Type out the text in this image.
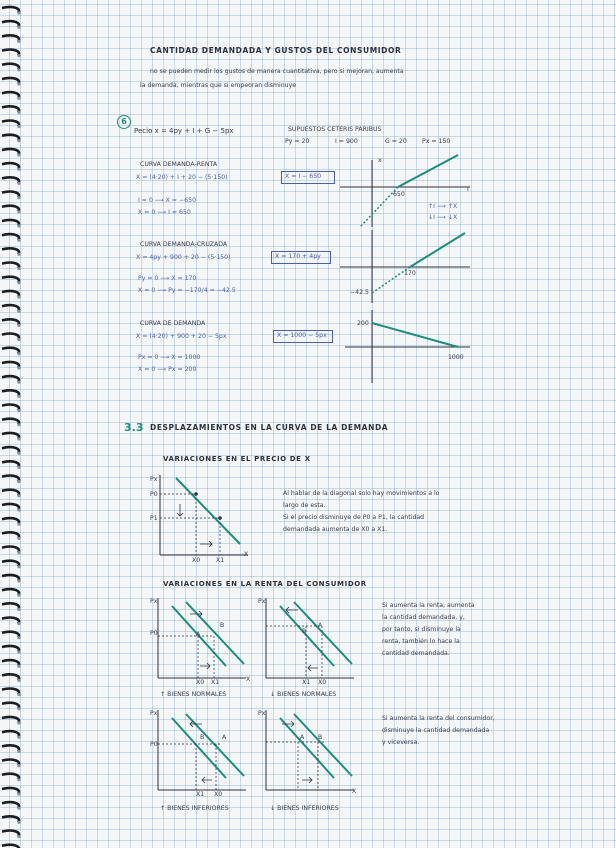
CANTIDAD DEMANDADA Y GUSTOS DEL CONSUMIDOR
no se pueden medir los gustos de manera cuantitativa, pero si mejoran, aumenta
la demanda, mientras que si empeoran disminuye
6
Pecio x = 4py + I + G − 5px	SUPUESTOS CETERIS PARIBUS
Py = 20	I = 900	G = 20 Px = 150
CURVA DEMANDA-RENTA
X = (4·20) + I + 20 − (5·150)	X = I − 650
I = 0 ⟶ X = −650
X = 0 ⟶ I = 650
x
I
650
↑I ⟶ ↑X
↓I ⟶ ↓X
CURVA DEMANDA-CRUZADA
X = 4py + 900 + 20 − (5·150)	X = 170 + 4py
Py = 0 ⟶ X = 170
X = 0 ⟶ Py = −170/4 = −42.5
170
−42.5
CURVA DE DEMANDA
X = (4·20) + 900 + 20 − 5px	X = 1000 − 5px
Px = 0 ⟶ X = 1000
X = 0 ⟶ Px = 200
200
1000
3.3 DESPLAZAMIENTOS EN LA CURVA DE LA DEMANDA
VARIACIONES EN EL PRECIO DE X
Px
P0
P1
X0	X1
X
Al hablar de la diagonal solo hay movimientos a lo
largo de esta.
Si el precio disminuye de P0 a P1, la cantidad
demandada aumenta de X0 a X1.
VARIACIONES EN LA RENTA DEL CONSUMIDOR
Px
P0	A
B
X0 X1	X
Px
A
B
X1 X0
Px
P0
B	A
X1 X0
Px
A B
X
↑ BIENES NORMALES	↓ BIENES NORMALES
↑ BIENES INFERIORES	↓ BIENES INFERIORES
Si aumenta la renta, aumenta
la cantidad demandada, y,
por tanto, si disminuye la
renta, también lo hace la
cantidad demandada.
Si aumenta la renta del consumidor,
disminuye la cantidad demandada
y viceversa.
